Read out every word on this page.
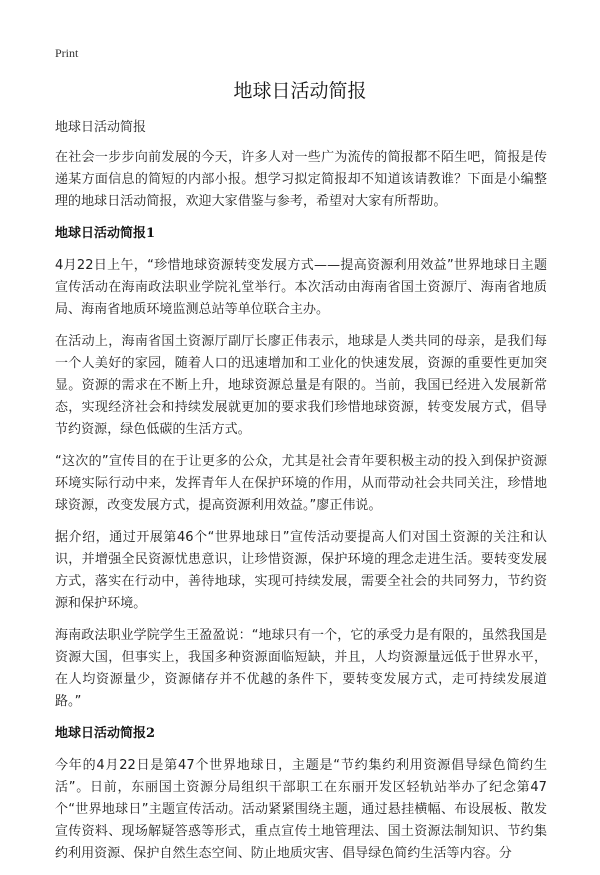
Print
地球日活动简报

地球日活动简报

在社会一步步向前发展的今天，许多人对一些广为流传的简报都不陌生吧，简报是传递某方面信息的简短的内部小报。想学习拟定简报却不知道该请教谁？下面是小编整理的地球日活动简报，欢迎大家借鉴与参考，希望对大家有所帮助。

地球日活动简报1

4月22日上午，“珍惜地球资源转变发展方式——提高资源利用效益”世界地球日主题宣传活动在海南政法职业学院礼堂举行。本次活动由海南省国土资源厅、海南省地质局、海南省地质环境监测总站等单位联合主办。

在活动上，海南省国土资源厅副厅长廖正伟表示，地球是人类共同的母亲，是我们每一个人美好的家园，随着人口的迅速增加和工业化的快速发展，资源的重要性更加突显。资源的需求在不断上升，地球资源总量是有限的。当前，我国已经进入发展新常态，实现经济社会和持续发展就更加的要求我们珍惜地球资源，转变发展方式，倡导节约资源，绿色低碳的生活方式。

“这次的”宣传目的在于让更多的公众，尤其是社会青年要积极主动的投入到保护资源环境实际行动中来，发挥青年人在保护环境的作用，从而带动社会共同关注，珍惜地球资源，改变发展方式，提高资源利用效益。”廖正伟说。

据介绍，通过开展第46个“世界地球日”宣传活动要提高人们对国土资源的关注和认识，并增强全民资源忧患意识，让珍惜资源，保护环境的理念走进生活。要转变发展方式，落实在行动中，善待地球，实现可持续发展，需要全社会的共同努力，节约资源和保护环境。

海南政法职业学院学生王盈盈说：“地球只有一个，它的承受力是有限的，虽然我国是资源大国，但事实上，我国多种资源面临短缺，并且，人均资源量远低于世界水平，在人均资源量少，资源储存并不优越的条件下，要转变发展方式，走可持续发展道路。”

地球日活动简报2

今年的4月22日是第47个世界地球日，主题是“节约集约利用资源倡导绿色简约生活”。日前，东丽国土资源分局组织干部职工在东丽开发区轻轨站举办了纪念第47个“世界地球日”主题宣传活动。活动紧紧围绕主题，通过悬挂横幅、布设展板、散发宣传资料、现场解疑答惑等形式，重点宣传土地管理法、国土资源法制知识、节约集约利用资源、保护自然生态空间、防止地质灾害、倡导绿色简约生活等内容。分
